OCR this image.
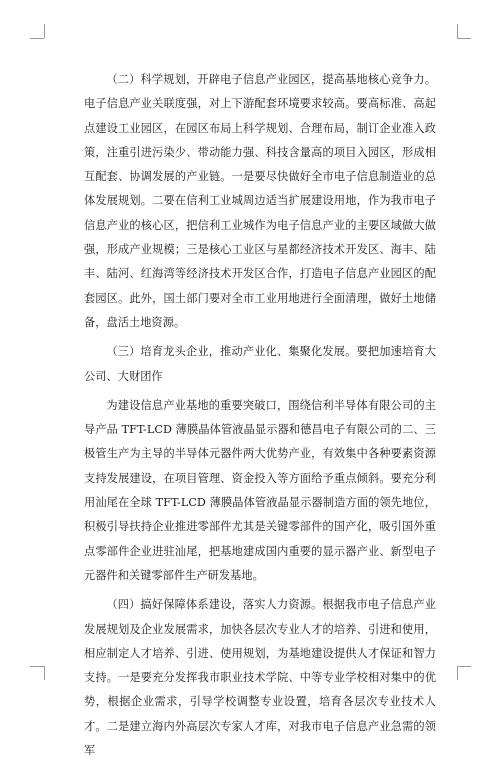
（二）科学规划，开辟电子信息产业园区，提高基地核心竞争力。电子信息产业关联度强，对上下游配套环境要求较高。要高标准、高起点建设工业园区，在园区布局上科学规划、合理布局，制订企业准入政策，注重引进污染少、带动能力强、科技含量高的项目入园区，形成相互配套、协调发展的产业链。一是要尽快做好全市电子信息制造业的总体发展规划。二要在信利工业城周边适当扩展建设用地，作为我市电子信息产业的核心区，把信利工业城作为电子信息产业的主要区域做大做强，形成产业规模；三是核心工业区与星都经济技术开发区、海丰、陆丰、陆河、红海湾等经济技术开发区合作，打造电子信息产业园区的配套园区。此外，国土部门要对全市工业用地进行全面清理，做好土地储备，盘活土地资源。

（三）培育龙头企业，推动产业化、集聚化发展。要把加速培育大公司、大财团作

为建设信息产业基地的重要突破口，围绕信利半导体有限公司的主导产品 TFT-LCD 薄膜晶体管液晶显示器和德昌电子有限公司的二、三极管生产为主导的半导体元器件两大优势产业，有效集中各种要素资源支持发展建设，在项目管理、资金投入等方面给予重点倾斜。要充分利用汕尾在全球 TFT-LCD 薄膜晶体管液晶显示器制造方面的领先地位，积极引导扶持企业推进零部件尤其是关键零部件的国产化，吸引国外重点零部件企业进驻汕尾，把基地建成国内重要的显示器产业、新型电子元器件和关键零部件生产研发基地。

（四）搞好保障体系建设，落实人力资源。根据我市电子信息产业发展规划及企业发展需求，加快各层次专业人才的培养、引进和使用，相应制定人才培养、引进、使用规划，为基地建设提供人才保证和智力支持。一是要充分发挥我市职业技术学院、中等专业学校相对集中的优势，根据企业需求，引导学校调整专业设置，培育各层次专业技术人才。二是建立海内外高层次专家人才库，对我市电子信息产业急需的领军
